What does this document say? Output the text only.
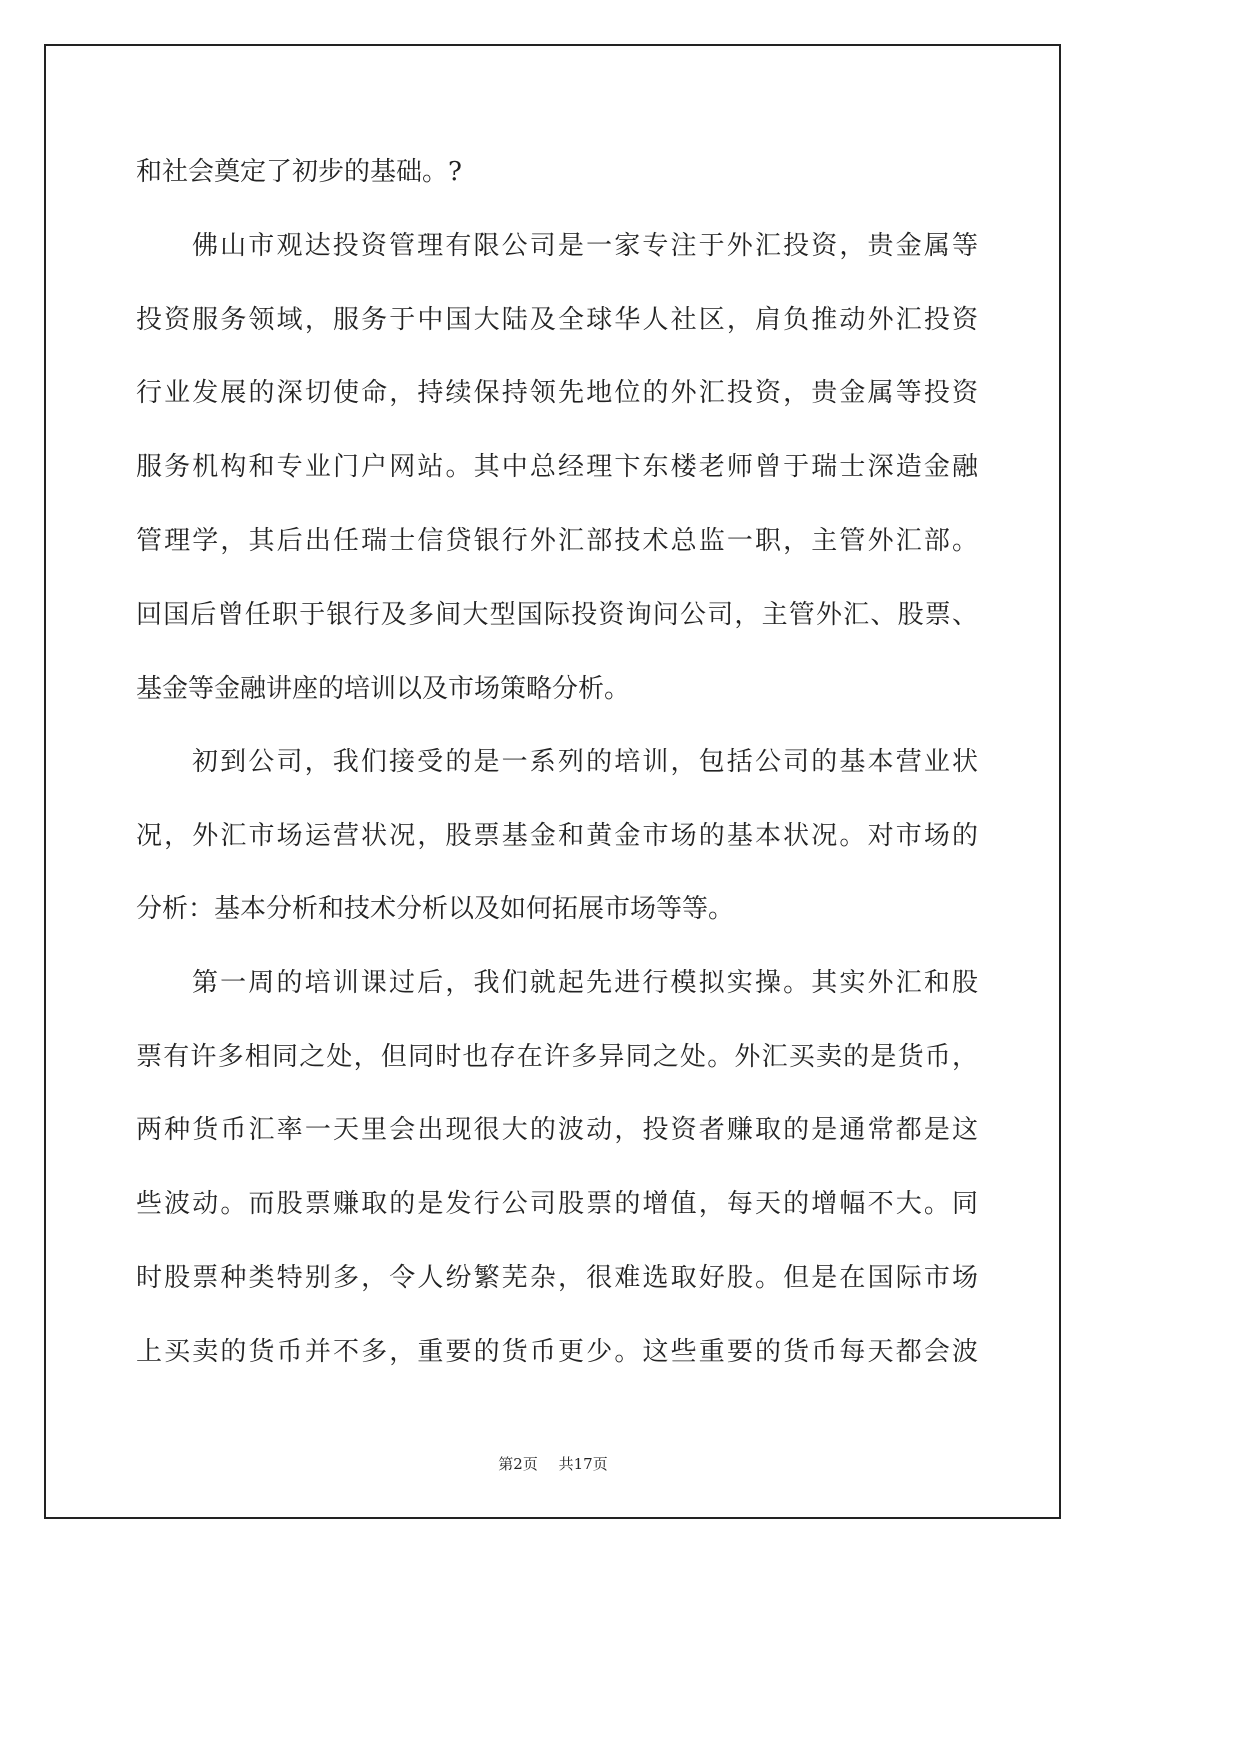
和社会奠定了初步的基础。?

佛山市观达投资管理有限公司是一家专注于外汇投资，贵金属等

投资服务领域，服务于中国大陆及全球华人社区，肩负推动外汇投资

行业发展的深切使命，持续保持领先地位的外汇投资，贵金属等投资

服务机构和专业门户网站。其中总经理卞东楼老师曾于瑞士深造金融

管理学，其后出任瑞士信贷银行外汇部技术总监一职，主管外汇部。

回国后曾任职于银行及多间大型国际投资询问公司，主管外汇、股票、

基金等金融讲座的培训以及市场策略分析。

初到公司，我们接受的是一系列的培训，包括公司的基本营业状

况，外汇市场运营状况，股票基金和黄金市场的基本状况。对市场的

分析：基本分析和技术分析以及如何拓展市场等等。

第一周的培训课过后，我们就起先进行模拟实操。其实外汇和股

票有许多相同之处，但同时也存在许多异同之处。外汇买卖的是货币，

两种货币汇率一天里会出现很大的波动，投资者赚取的是通常都是这

些波动。而股票赚取的是发行公司股票的增值，每天的增幅不大。同

时股票种类特别多，令人纷繁芜杂，很难选取好股。但是在国际市场

上买卖的货币并不多，重要的货币更少。这些重要的货币每天都会波

第2页 共17页
